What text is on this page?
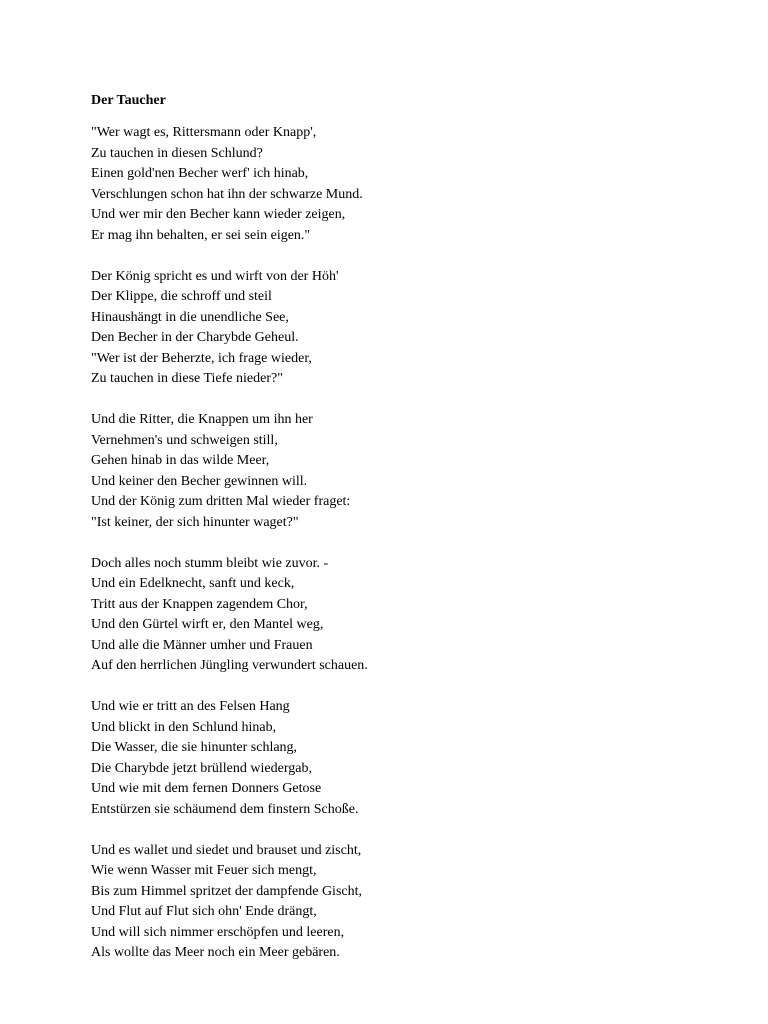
Der Taucher
"Wer wagt es, Rittersmann oder Knapp',
Zu tauchen in diesen Schlund?
Einen gold'nen Becher werf' ich hinab,
Verschlungen schon hat ihn der schwarze Mund.
Und wer mir den Becher kann wieder zeigen,
Er mag ihn behalten, er sei sein eigen."
Der König spricht es und wirft von der Höh'
Der Klippe, die schroff und steil
Hinaushängt in die unendliche See,
Den Becher in der Charybde Geheul.
"Wer ist der Beherzte, ich frage wieder,
Zu tauchen in diese Tiefe nieder?"
Und die Ritter, die Knappen um ihn her
Vernehmen's und schweigen still,
Gehen hinab in das wilde Meer,
Und keiner den Becher gewinnen will.
Und der König zum dritten Mal wieder fraget:
"Ist keiner, der sich hinunter waget?"
Doch alles noch stumm bleibt wie zuvor. -
Und ein Edelknecht, sanft und keck,
Tritt aus der Knappen zagendem Chor,
Und den Gürtel wirft er, den Mantel weg,
Und alle die Männer umher und Frauen
Auf den herrlichen Jüngling verwundert schauen.
Und wie er tritt an des Felsen Hang
Und blickt in den Schlund hinab,
Die Wasser, die sie hinunter schlang,
Die Charybde jetzt brüllend wiedergab,
Und wie mit dem fernen Donners Getose
Entstürzen sie schäumend dem finstern Schoße.
Und es wallet und siedet und brauset und zischt,
Wie wenn Wasser mit Feuer sich mengt,
Bis zum Himmel spritzet der dampfende Gischt,
Und Flut auf Flut sich ohn' Ende drängt,
Und will sich nimmer erschöpfen und leeren,
Als wollte das Meer noch ein Meer gebären.
